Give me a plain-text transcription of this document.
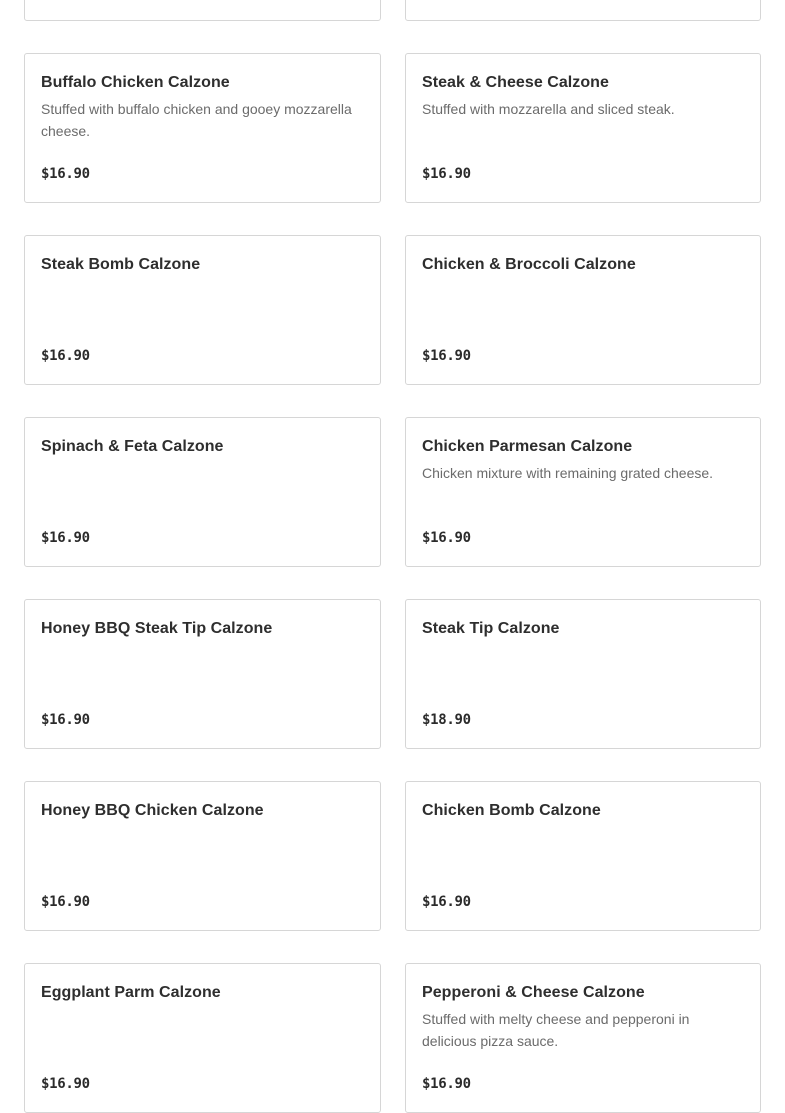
Buffalo Chicken Calzone
Stuffed with buffalo chicken and gooey mozzarella cheese.
$16.90
Steak & Cheese Calzone
Stuffed with mozzarella and sliced steak.
$16.90
Steak Bomb Calzone
$16.90
Chicken & Broccoli Calzone
$16.90
Spinach & Feta Calzone
$16.90
Chicken Parmesan Calzone
Chicken mixture with remaining grated cheese.
$16.90
Honey BBQ Steak Tip Calzone
$16.90
Steak Tip Calzone
$18.90
Honey BBQ Chicken Calzone
$16.90
Chicken Bomb Calzone
$16.90
Eggplant Parm Calzone
$16.90
Pepperoni & Cheese Calzone
Stuffed with melty cheese and pepperoni in delicious pizza sauce.
$16.90
